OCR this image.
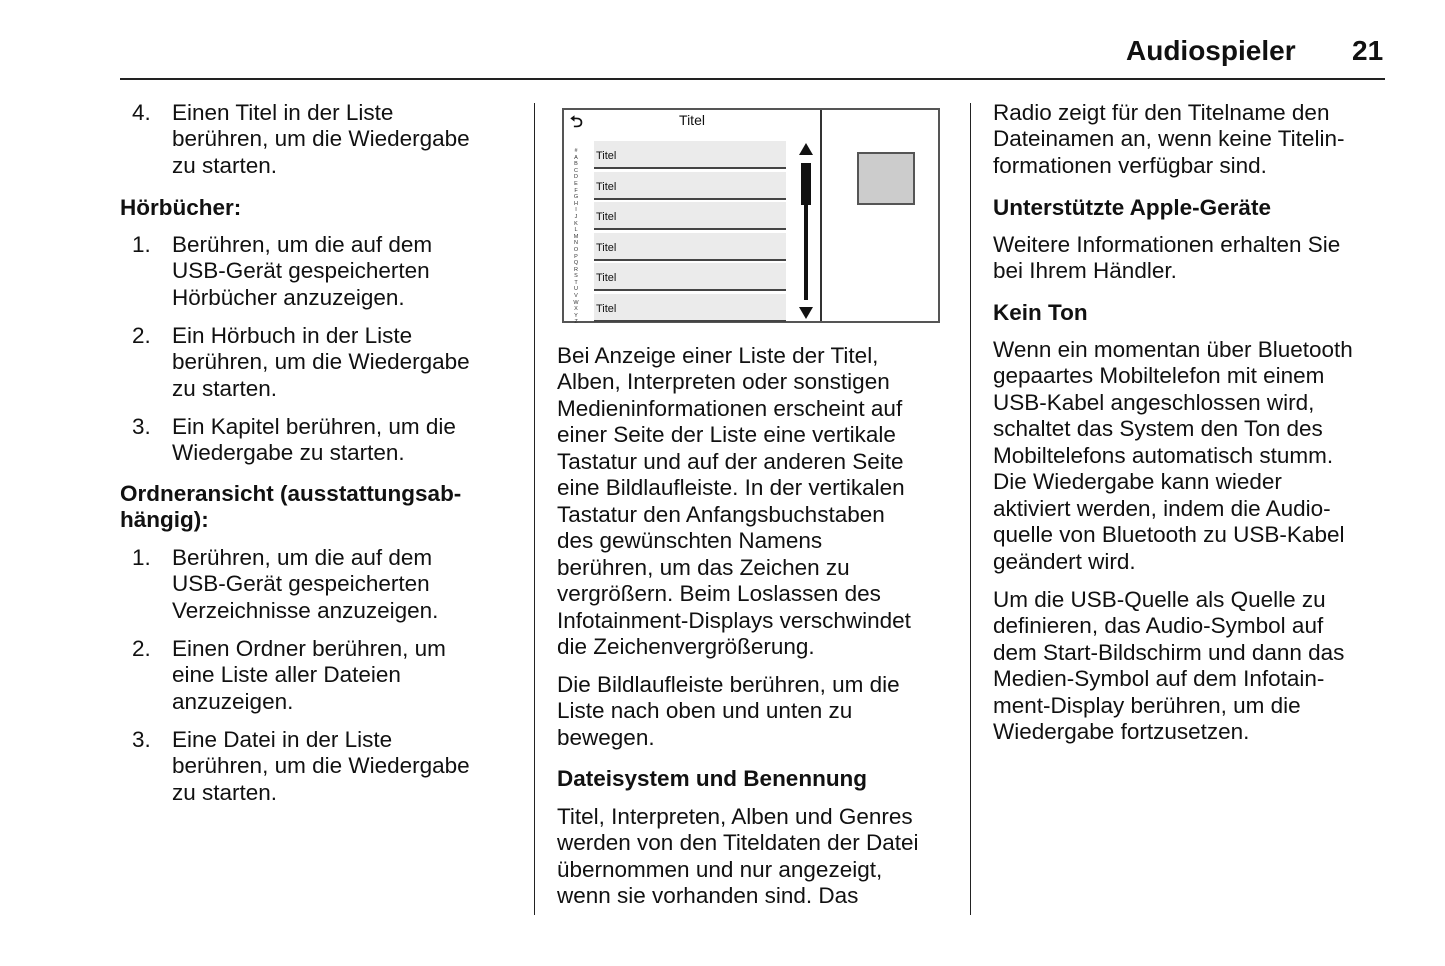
Audiospieler 21
4. Einen Titel in der Liste
berühren, um die Wiedergabe
zu starten.
Hörbücher:
1. Berühren, um die auf dem
USB-Gerät gespeicherten
Hörbücher anzuzeigen.
2. Ein Hörbuch in der Liste
berühren, um die Wiedergabe
zu starten.
3. Ein Kapitel berühren, um die
Wiedergabe zu starten.
Ordneransicht (ausstattungsab-
hängig):
1. Berühren, um die auf dem
USB-Gerät gespeicherten
Verzeichnisse anzuzeigen.
2. Einen Ordner berühren, um
eine Liste aller Dateien
anzuzeigen.
3. Eine Datei in der Liste
berühren, um die Wiedergabe
zu starten.
Bei Anzeige einer Liste der Titel,
Alben, Interpreten oder sonstigen
Medieninformationen erscheint auf
einer Seite der Liste eine vertikale
Tastatur und auf der anderen Seite
eine Bildlaufleiste. In der vertikalen
Tastatur den Anfangsbuchstaben
des gewünschten Namens
berühren, um das Zeichen zu
vergrößern. Beim Loslassen des
Infotainment-Displays verschwindet
die Zeichenvergrößerung.
Die Bildlaufleiste berühren, um die
Liste nach oben und unten zu
bewegen.
Dateisystem und Benennung
Titel, Interpreten, Alben und Genres
werden von den Titeldaten der Datei
übernommen und nur angezeigt,
wenn sie vorhanden sind. Das
Radio zeigt für den Titelname den
Dateinamen an, wenn keine Titelin-
formationen verfügbar sind.
Unterstützte Apple-Geräte
Weitere Informationen erhalten Sie
bei Ihrem Händler.
Kein Ton
Wenn ein momentan über Bluetooth
gepaartes Mobiltelefon mit einem
USB-Kabel angeschlossen wird,
schaltet das System den Ton des
Mobiltelefons automatisch stumm.
Die Wiedergabe kann wieder
aktiviert werden, indem die Audio-
quelle von Bluetooth zu USB-Kabel
geändert wird.
Um die USB-Quelle als Quelle zu
definieren, das Audio-Symbol auf
dem Start-Bildschirm und dann das
Medien-Symbol auf dem Infotain-
ment-Display berühren, um die
Wiedergabe fortzusetzen.
⮌	Titel
#
A
B
C
D
E
F
G
H
I
J
K
L
M
N
O
P
Q
R
S
T
U
V
W
X
Y
Z
Titel
Titel
Titel
Titel
Titel
Titel
